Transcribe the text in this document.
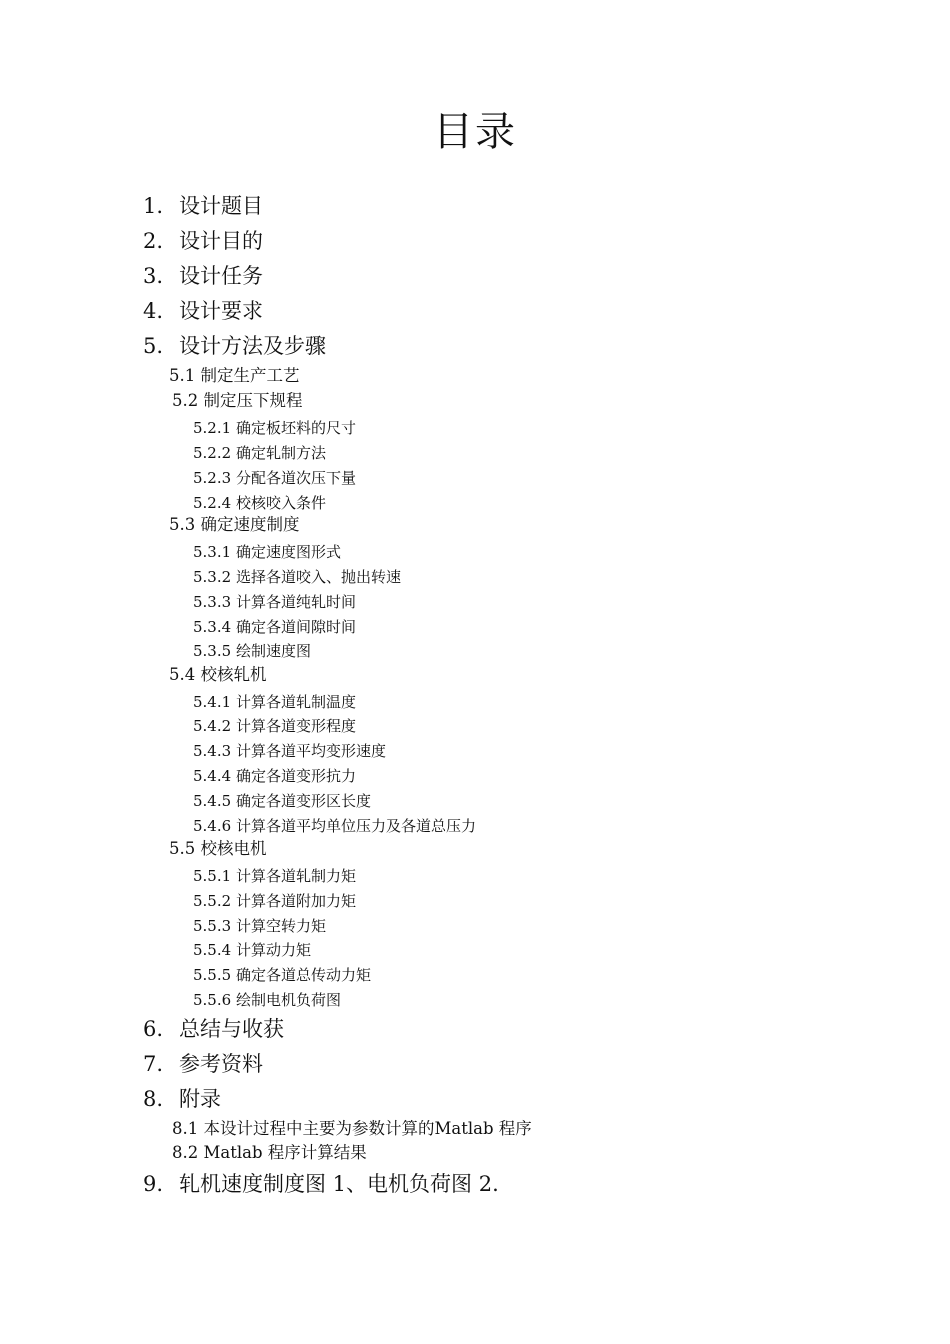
目录
1. 设计题目
2. 设计目的
3. 设计任务
4. 设计要求
5. 设计方法及步骤
5.1 制定生产工艺
5.2 制定压下规程
5.2.1 确定板坯料的尺寸
5.2.2 确定轧制方法
5.2.3 分配各道次压下量
5.2.4 校核咬入条件
5.3 确定速度制度
5.3.1 确定速度图形式
5.3.2 选择各道咬入、抛出转速
5.3.3 计算各道纯轧时间
5.3.4 确定各道间隙时间
5.3.5 绘制速度图
5.4 校核轧机
5.4.1 计算各道轧制温度
5.4.2 计算各道变形程度
5.4.3 计算各道平均变形速度
5.4.4 确定各道变形抗力
5.4.5 确定各道变形区长度
5.4.6 计算各道平均单位压力及各道总压力
5.5 校核电机
5.5.1 计算各道轧制力矩
5.5.2 计算各道附加力矩
5.5.3 计算空转力矩
5.5.4 计算动力矩
5.5.5 确定各道总传动力矩
5.5.6 绘制电机负荷图
6. 总结与收获
7. 参考资料
8. 附录
8.1 本设计过程中主要为参数计算的Matlab 程序
8.2 Matlab 程序计算结果
9. 轧机速度制度图 1、电机负荷图 2.
